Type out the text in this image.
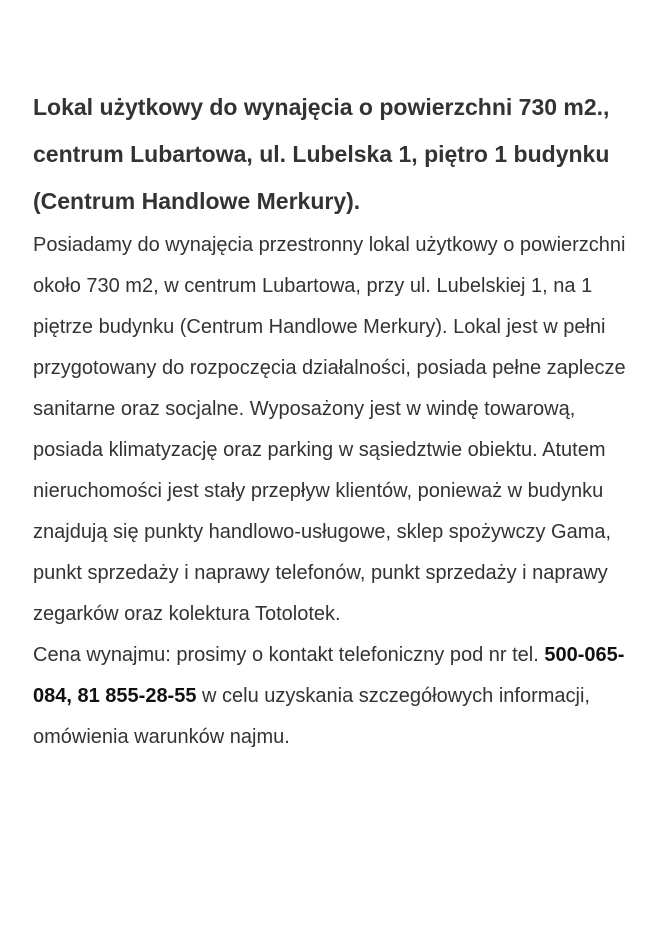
Lokal użytkowy do wynajęcia o powierzchni 730 m2., centrum Lubartowa, ul. Lubelska 1, piętro 1 budynku (Centrum Handlowe Merkury).

Posiadamy do wynajęcia przestronny lokal użytkowy o powierzchni około 730 m2, w centrum Lubartowa, przy ul. Lubelskiej 1, na 1 piętrze budynku (Centrum Handlowe Merkury). Lokal jest w pełni przygotowany do rozpoczęcia działalności, posiada pełne zaplecze sanitarne oraz socjalne. Wyposażony jest w windę towarową, posiada klimatyzację oraz parking w sąsiedztwie obiektu. Atutem nieruchomości jest stały przepływ klientów, ponieważ w budynku znajdują się punkty handlowo-usługowe, sklep spożywczy Gama, punkt sprzedaży i naprawy telefonów, punkt sprzedaży i naprawy zegarków oraz kolektura Totolotek.

Cena wynajmu: prosimy o kontakt telefoniczny pod nr tel. 500-065-084, 81 855-28-55 w celu uzyskania szczegółowych informacji, omówienia warunków najmu.
